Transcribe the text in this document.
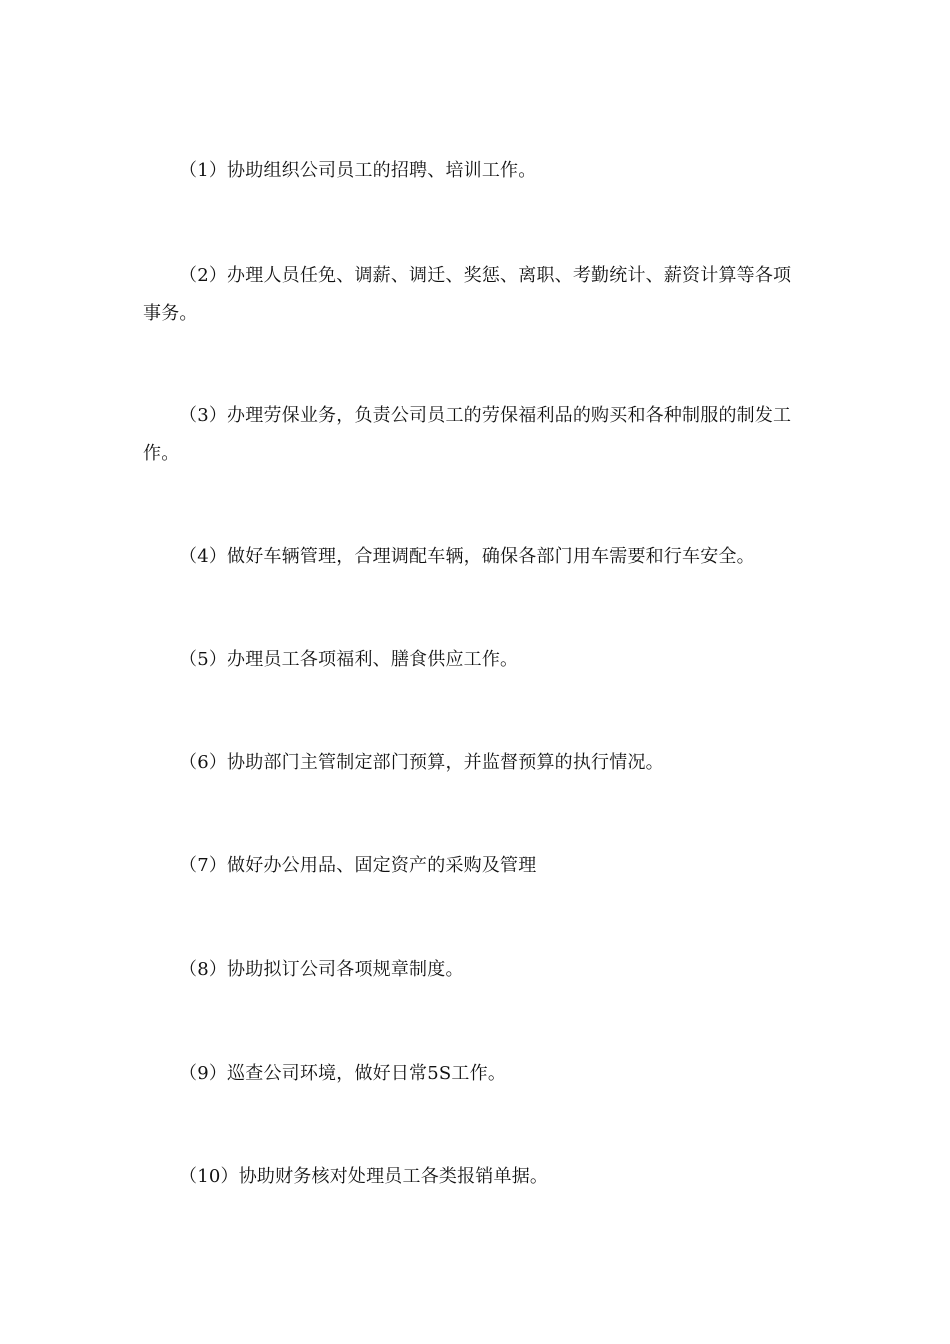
（1）协助组织公司员工的招聘、培训工作。

（2）办理人员任免、调薪、调迁、奖惩、离职、考勤统计、薪资计算等各项事务。

（3）办理劳保业务，负责公司员工的劳保福利品的购买和各种制服的制发工作。

（4）做好车辆管理，合理调配车辆，确保各部门用车需要和行车安全。

（5）办理员工各项福利、膳食供应工作。

（6）协助部门主管制定部门预算，并监督预算的执行情况。

（7）做好办公用品、固定资产的采购及管理

（8）协助拟订公司各项规章制度。

（9）巡查公司环境，做好日常5S工作。

（10）协助财务核对处理员工各类报销单据。
